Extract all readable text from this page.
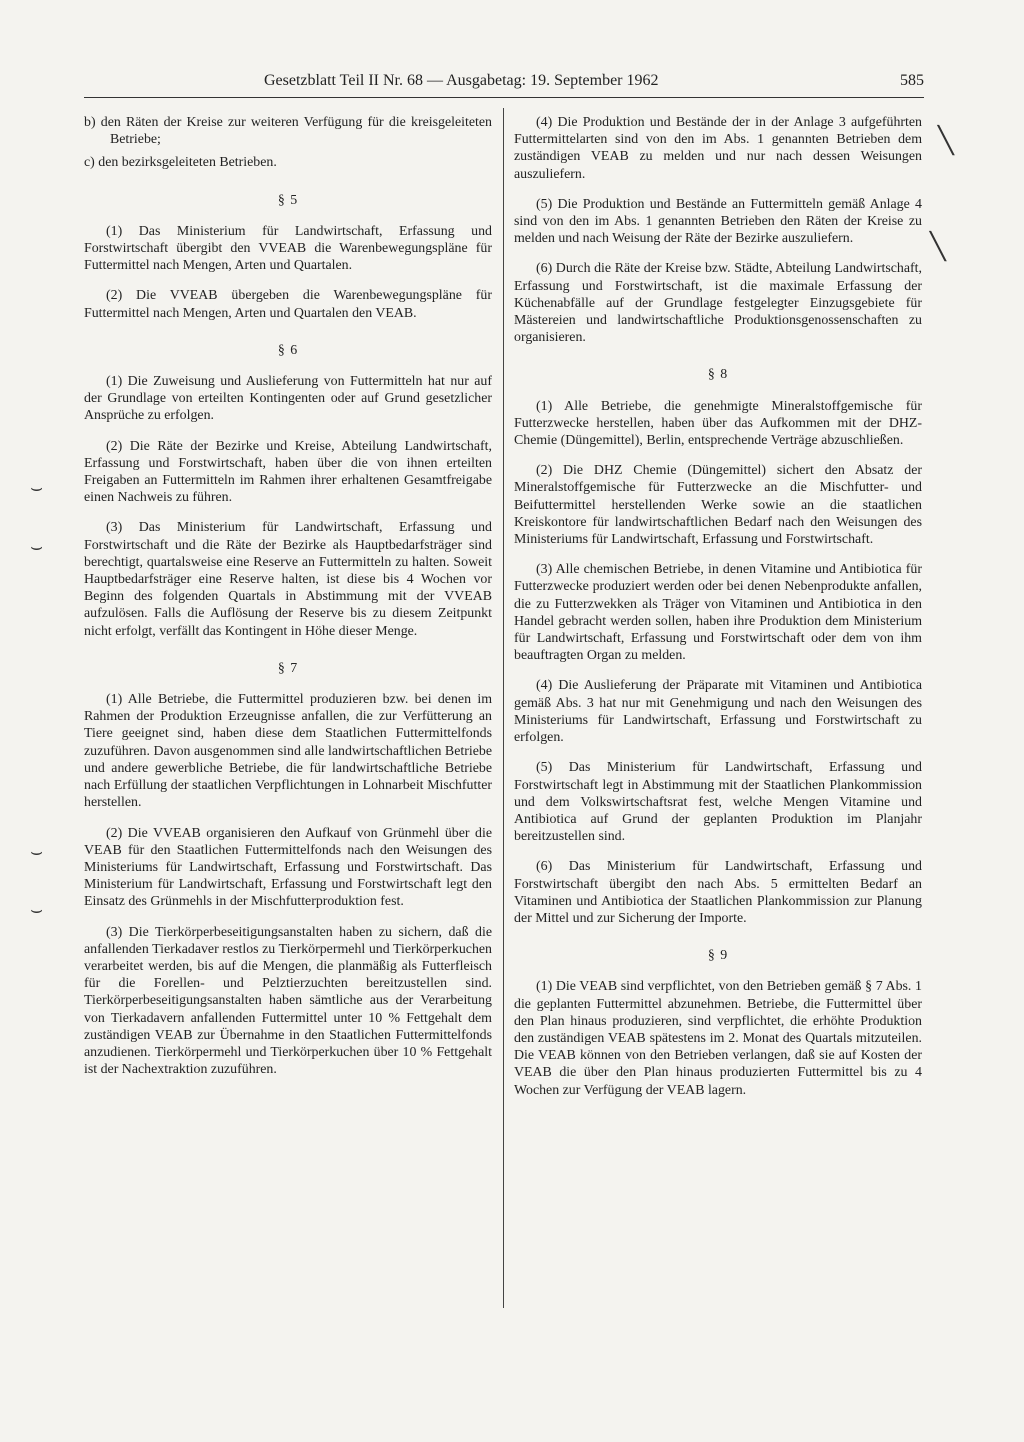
Gesetzblatt Teil II Nr. 68 — Ausgabetag: 19. September 1962	585
⌣
⌣
⌣
⌣
╲
╲

b) den Räten der Kreise zur weiteren Verfügung für die kreisgeleiteten Betriebe;

c) den bezirksgeleiteten Betrieben.

§ 5

(1) Das Ministerium für Landwirtschaft, Erfassung und Forstwirtschaft übergibt den VVEAB die Warenbewegungspläne für Futtermittel nach Mengen, Arten und Quartalen.

(2) Die VVEAB übergeben die Warenbewegungspläne für Futtermittel nach Mengen, Arten und Quartalen den VEAB.

§ 6

(1) Die Zuweisung und Auslieferung von Futtermitteln hat nur auf der Grundlage von erteilten Kontingenten oder auf Grund gesetzlicher Ansprüche zu erfolgen.

(2) Die Räte der Bezirke und Kreise, Abteilung Landwirtschaft, Erfassung und Forstwirtschaft, haben über die von ihnen erteilten Freigaben an Futtermitteln im Rahmen ihrer erhaltenen Gesamtfreigabe einen Nachweis zu führen.

(3) Das Ministerium für Landwirtschaft, Erfassung und Forstwirtschaft und die Räte der Bezirke als Hauptbedarfsträger sind berechtigt, quartalsweise eine Reserve an Futtermitteln zu halten. Soweit Hauptbedarfsträger eine Reserve halten, ist diese bis 4 Wochen vor Beginn des folgenden Quartals in Abstimmung mit der VVEAB aufzulösen. Falls die Auflösung der Reserve bis zu diesem Zeitpunkt nicht erfolgt, verfällt das Kontingent in Höhe dieser Menge.

§ 7

(1) Alle Betriebe, die Futtermittel produzieren bzw. bei denen im Rahmen der Produktion Erzeugnisse anfallen, die zur Verfütterung an Tiere geeignet sind, haben diese dem Staatlichen Futtermittelfonds zuzuführen. Davon ausgenommen sind alle landwirtschaftlichen Betriebe und andere gewerbliche Betriebe, die für landwirtschaftliche Betriebe nach Erfüllung der staatlichen Verpflichtungen in Lohnarbeit Mischfutter herstellen.

(2) Die VVEAB organisieren den Aufkauf von Grünmehl über die VEAB für den Staatlichen Futtermittelfonds nach den Weisungen des Ministeriums für Landwirtschaft, Erfassung und Forstwirtschaft. Das Ministerium für Landwirtschaft, Erfassung und Forstwirtschaft legt den Einsatz des Grünmehls in der Mischfutterproduktion fest.

(3) Die Tierkörperbeseitigungsanstalten haben zu sichern, daß die anfallenden Tierkadaver restlos zu Tierkörpermehl und Tierkörperkuchen verarbeitet werden, bis auf die Mengen, die planmäßig als Futterfleisch für die Forellen- und Pelztierzuchten bereitzustellen sind. Tierkörperbeseitigungsanstalten haben sämtliche aus der Verarbeitung von Tierkadavern anfallenden Futtermittel unter 10 % Fettgehalt dem zuständigen VEAB zur Übernahme in den Staatlichen Futtermittelfonds anzudienen. Tierkörpermehl und Tierkörperkuchen über 10 % Fettgehalt ist der Nachextraktion zuzuführen.

(4) Die Produktion und Bestände der in der Anlage 3 aufgeführten Futtermittelarten sind von den im Abs. 1 genannten Betrieben dem zuständigen VEAB zu melden und nur nach dessen Weisungen auszuliefern.

(5) Die Produktion und Bestände an Futtermitteln gemäß Anlage 4 sind von den im Abs. 1 genannten Betrieben den Räten der Kreise zu melden und nach Weisung der Räte der Bezirke auszuliefern.

(6) Durch die Räte der Kreise bzw. Städte, Abteilung Landwirtschaft, Erfassung und Forstwirtschaft, ist die maximale Erfassung der Küchenabfälle auf der Grundlage festgelegter Einzugsgebiete für Mästereien und landwirtschaftliche Produktionsgenossenschaften zu organisieren.

§ 8

(1) Alle Betriebe, die genehmigte Mineralstoffgemische für Futterzwecke herstellen, haben über das Aufkommen mit der DHZ-Chemie (Düngemittel), Berlin, entsprechende Verträge abzuschließen.

(2) Die DHZ Chemie (Düngemittel) sichert den Absatz der Mineralstoffgemische für Futterzwecke an die Mischfutter- und Beifuttermittel herstellenden Werke sowie an die staatlichen Kreiskontore für landwirtschaftlichen Bedarf nach den Weisungen des Ministeriums für Landwirtschaft, Erfassung und Forstwirtschaft.

(3) Alle chemischen Betriebe, in denen Vitamine und Antibiotica für Futterzwecke produziert werden oder bei denen Nebenprodukte anfallen, die zu Futterzwekken als Träger von Vitaminen und Antibiotica in den Handel gebracht werden sollen, haben ihre Produktion dem Ministerium für Landwirtschaft, Erfassung und Forstwirtschaft oder dem von ihm beauftragten Organ zu melden.

(4) Die Auslieferung der Präparate mit Vitaminen und Antibiotica gemäß Abs. 3 hat nur mit Genehmigung und nach den Weisungen des Ministeriums für Landwirtschaft, Erfassung und Forstwirtschaft zu erfolgen.

(5) Das Ministerium für Landwirtschaft, Erfassung und Forstwirtschaft legt in Abstimmung mit der Staatlichen Plankommission und dem Volkswirtschaftsrat fest, welche Mengen Vitamine und Antibiotica auf Grund der geplanten Produktion im Planjahr bereitzustellen sind.

(6) Das Ministerium für Landwirtschaft, Erfassung und Forstwirtschaft übergibt den nach Abs. 5 ermittelten Bedarf an Vitaminen und Antibiotica der Staatlichen Plankommission zur Planung der Mittel und zur Sicherung der Importe.

§ 9

(1) Die VEAB sind verpflichtet, von den Betrieben gemäß § 7 Abs. 1 die geplanten Futtermittel abzunehmen. Betriebe, die Futtermittel über den Plan hinaus produzieren, sind verpflichtet, die erhöhte Produktion den zuständigen VEAB spätestens im 2. Monat des Quartals mitzuteilen. Die VEAB können von den Betrieben verlangen, daß sie auf Kosten der VEAB die über den Plan hinaus produzierten Futtermittel bis zu 4 Wochen zur Verfügung der VEAB lagern.
